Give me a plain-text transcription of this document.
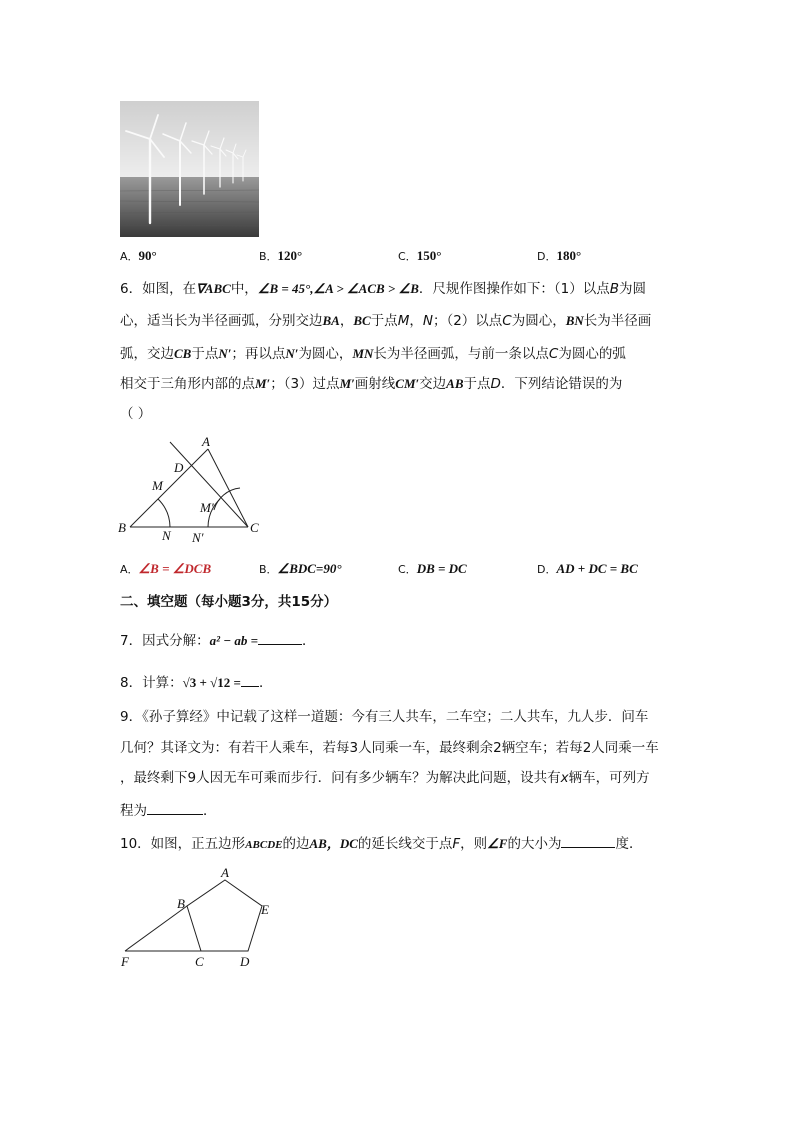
A．90°	B．120°	C．150°	D．180°
6．如图，在∇ABC中，∠B = 45°,∠A > ∠ACB > ∠B．尺规作图操作如下：（1）以点B为圆
心，适当长为半径画弧，分别交边BA，BC于点M，N；（2）以点C为圆心，BN长为半径画
弧，交边CB于点N′；再以点N′为圆心，MN长为半径画弧，与前一条以点C为圆心的弧
相交于三角形内部的点M′；（3）过点M′画射线CM′交边AB于点D．下列结论错误的为
（ ）
A
D
M
M′
B
N N′
C
A．∠B = ∠DCB	B．∠BDC=90°	C．DB = DC	D．AD + DC = BC
二、填空题（每小题3分，共15分）
7．因式分解：a² − ab =	．
8．计算：√3 + √12 = ．
9．《孙子算经》中记载了这样一道题：今有三人共车，二车空；二人共车，九人步．问车
几何？其译文为：有若干人乘车，若每3人同乘一车，最终剩余2辆空车；若每2人同乘一车
，最终剩下9人因无车可乘而步行．问有多少辆车？为解决此问题，设共有x辆车，可列方
程为	．
10．如图，正五边形ABCDE的边AB，DC的延长线交于点F，则∠F的大小为	度．
A
B
C	D
E
F
